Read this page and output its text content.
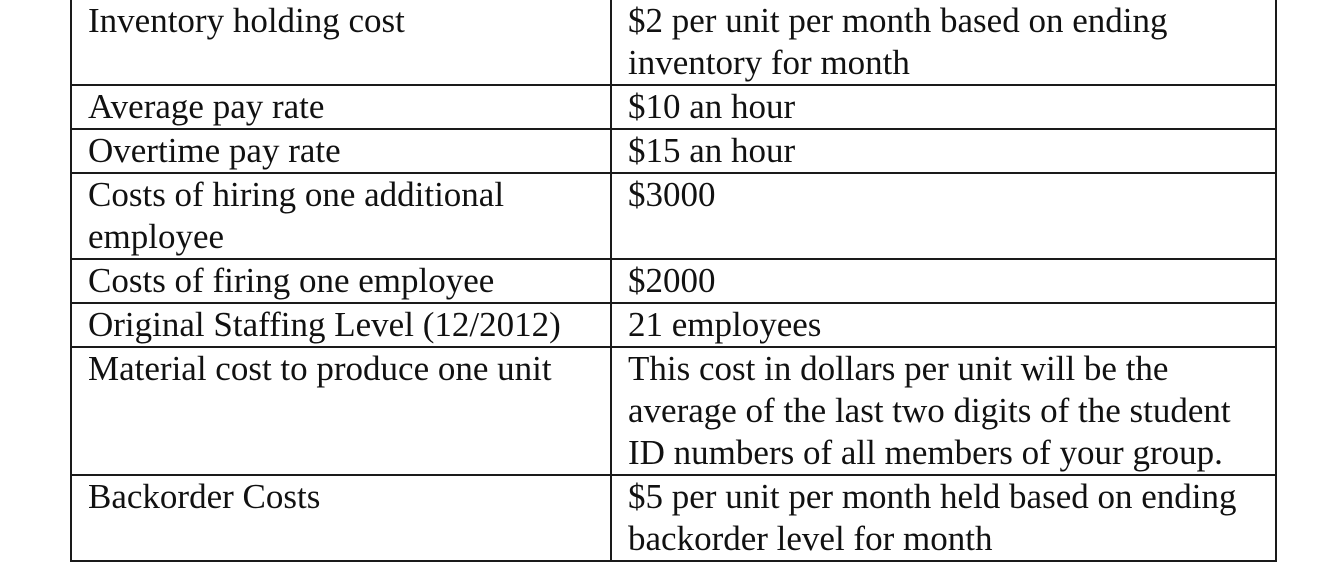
Inventory holding cost	$2 per unit per month based on ending inventory for month
Average pay rate	$10 an hour
Overtime pay rate	$15 an hour
Costs of hiring one additional employee	$3000
Costs of firing one employee	$2000
Original Staffing Level (12/2012)	21 employees
Material cost to produce one unit	This cost in dollars per unit will be the average of the last two digits of the student ID numbers of all members of your group.
Backorder Costs	$5 per unit per month held based on ending backorder level for month
